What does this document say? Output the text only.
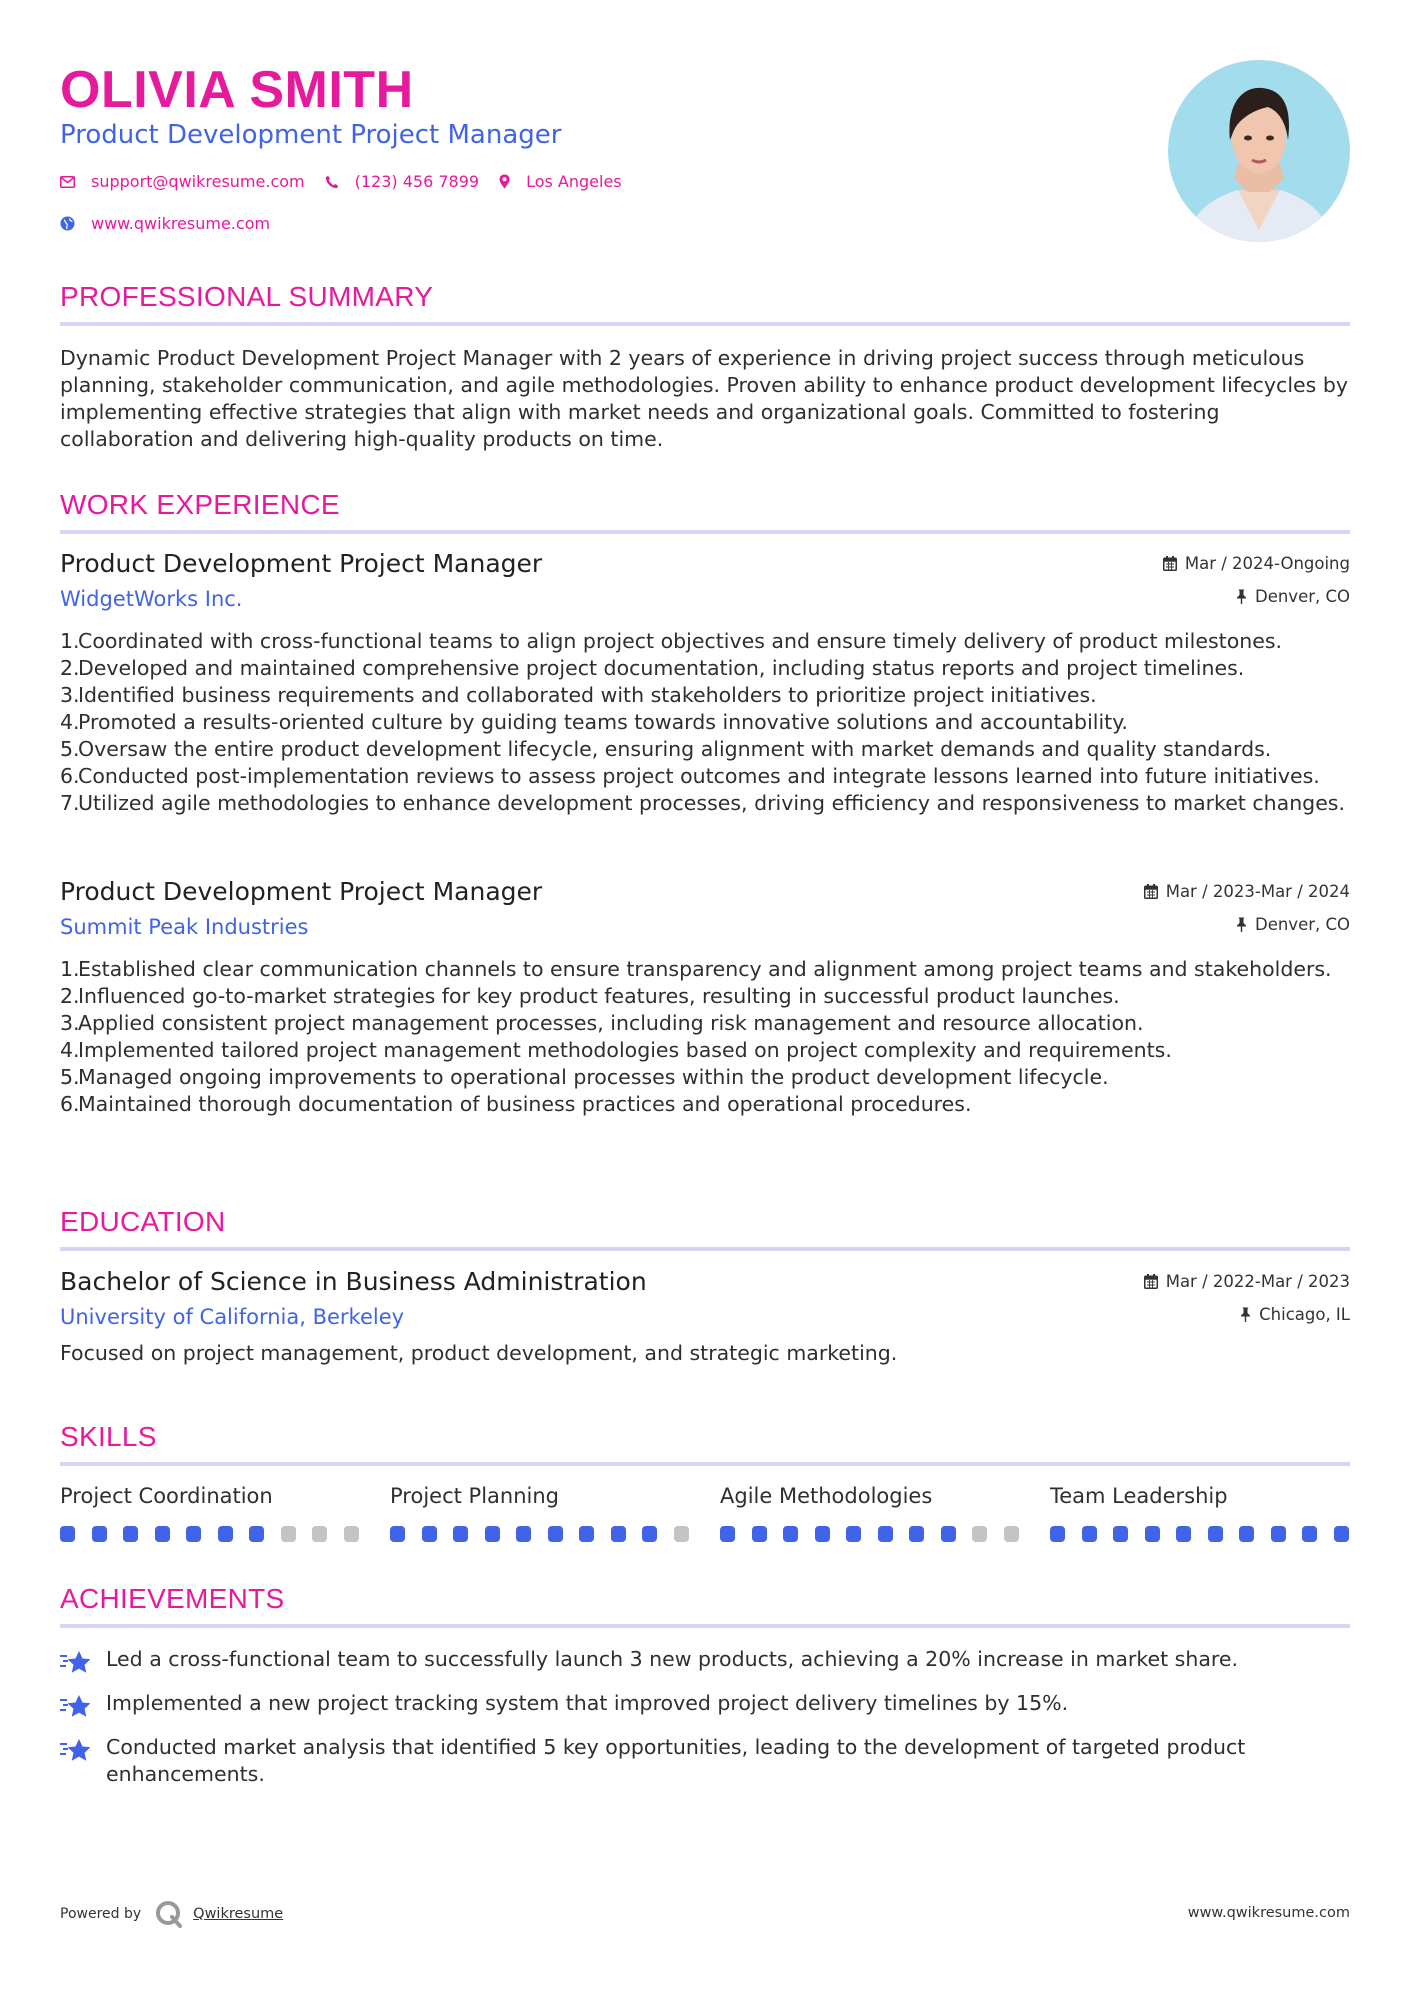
OLIVIA SMITH
Product Development Project Manager
support@qwikresume.com	(123) 456 7899	Los Angeles
www.qwikresume.com
PROFESSIONAL SUMMARY
Dynamic Product Development Project Manager with 2 years of experience in driving project success through meticulous planning, stakeholder communication, and agile methodologies. Proven ability to enhance product development lifecycles by implementing effective strategies that align with market needs and organizational goals. Committed to fostering collaboration and delivering high-quality products on time.
WORK EXPERIENCE
Product Development Project Manager
WidgetWorks Inc.
Mar / 2024-Ongoing
Denver, CO
1.
Coordinated with cross-functional teams to align project objectives and ensure timely delivery of product milestones.
2.
Developed and maintained comprehensive project documentation, including status reports and project timelines.
3.
Identified business requirements and collaborated with stakeholders to prioritize project initiatives.
4.
Promoted a results-oriented culture by guiding teams towards innovative solutions and accountability.
5.
Oversaw the entire product development lifecycle, ensuring alignment with market demands and quality standards.
6.
Conducted post-implementation reviews to assess project outcomes and integrate lessons learned into future initiatives.
7.
Utilized agile methodologies to enhance development processes, driving efficiency and responsiveness to market changes.
Product Development Project Manager
Summit Peak Industries
Mar / 2023-Mar / 2024
Denver, CO
1.
Established clear communication channels to ensure transparency and alignment among project teams and stakeholders.
2.
Influenced go-to-market strategies for key product features, resulting in successful product launches.
3.
Applied consistent project management processes, including risk management and resource allocation.
4.
Implemented tailored project management methodologies based on project complexity and requirements.
5.
Managed ongoing improvements to operational processes within the product development lifecycle.
6.
Maintained thorough documentation of business practices and operational procedures.
EDUCATION
Bachelor of Science in Business Administration
University of California, Berkeley
Mar / 2022-Mar / 2023
Chicago, IL
Focused on project management, product development, and strategic marketing.
SKILLS
Project Coordination	Project Planning	Agile Methodologies	Team Leadership
ACHIEVEMENTS
Led a cross-functional team to successfully launch 3 new products, achieving a 20% increase in market share.
Implemented a new project tracking system that improved project delivery timelines by 15%.
Conducted market analysis that identified 5 key opportunities, leading to the development of targeted product enhancements.
Powered by	Qwikresume	www.qwikresume.com
